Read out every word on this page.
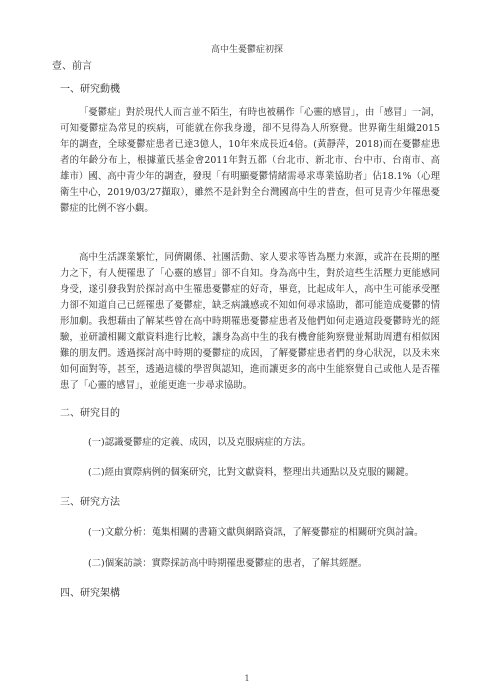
高中生憂鬱症初探
壹、前言
一、研究動機

「憂鬱症」對於現代人而言並不陌生，有時也被稱作「心靈的感冒」，由「感冒」一詞，可知憂鬱症為常見的疾病，可能就在你我身邊，卻不見得為人所察覺。世界衛生組織2015年的調查，全球憂鬱症患者已達3億人，10年來成長近4倍。(黃靜萍，2018)而在憂鬱症患者的年齡分布上，根據董氏基金會2011年對五都（台北市、新北市、台中市、台南市、高雄市）國、高中青少年的調查，發現「有明顯憂鬱情緒需尋求專業協助者」佔18.1%（心理衛生中心，2019/03/27擷取），雖然不是針對全台灣國高中生的普查，但可見青少年罹患憂鬱症的比例不容小覷。

高中生活課業繁忙，同儕關係、社團活動、家人要求等皆為壓力來源，或許在長期的壓力之下，有人便罹患了「心靈的感冒」卻不自知。身為高中生，對於這些生活壓力更能感同身受，遂引發我對於探討高中生罹患憂鬱症的好奇，畢竟，比起成年人，高中生可能承受壓力卻不知道自己已經罹患了憂鬱症，缺乏病識感或不知如何尋求協助，都可能造成憂鬱的情形加劇。我想藉由了解某些曾在高中時期罹患憂鬱症患者及他們如何走過這段憂鬱時光的經驗，並研讀相關文獻資料進行比較，讓身為高中生的我有機會能夠察覺並幫助周遭有相似困難的朋友們。透過探討高中時期的憂鬱症的成因，了解憂鬱症患者們的身心狀況，以及未來如何面對等，甚至，透過這樣的學習與認知，進而讓更多的高中生能察覺自己或他人是否罹患了「心靈的感冒」，並能更進一步尋求協助。

二、研究目的
(一)認識憂鬱症的定義、成因，以及克服病症的方法。
(二)經由實際病例的個案研究，比對文獻資料，整理出共通點以及克服的關鍵。
三、研究方法
(一)文獻分析：蒐集相關的書籍文獻與網路資訊，了解憂鬱症的相關研究與討論。
(二)個案訪談：實際採訪高中時期罹患憂鬱症的患者，了解其經歷。
四、研究架構
1
